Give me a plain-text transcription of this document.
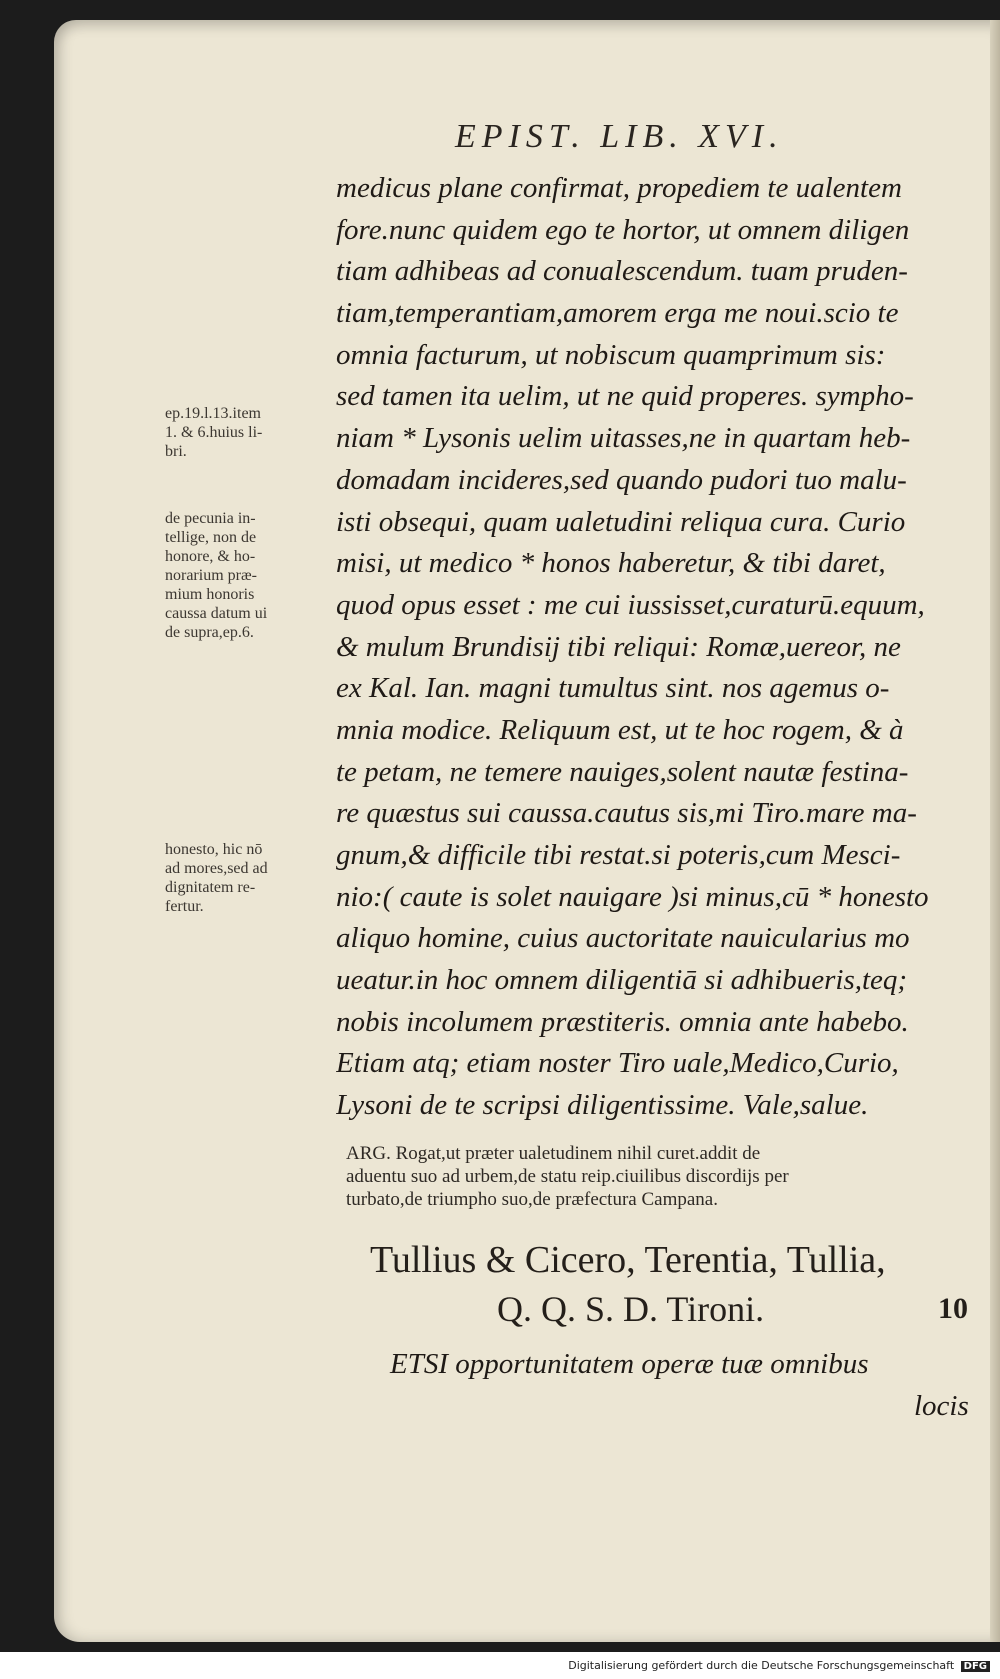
EPIST. LIB. XVI.
medicus plane confirmat, propediem te ualentem
fore.nunc quidem ego te hortor, ut omnem diligen
tiam adhibeas ad conualescendum. tuam pruden-
tiam,temperantiam,amorem erga me noui.scio te
omnia facturum, ut nobiscum quamprimum sis:
sed tamen ita uelim, ut ne quid properes. sympho-
niam * Lysonis uelim uitasses,ne in quartam heb-
domadam incideres,sed quando pudori tuo malu-
isti obsequi, quam ualetudini reliqua cura. Curio
misi, ut medico * honos haberetur, & tibi daret,
quod opus esset : me cui iussisset,curaturū.equum,
& mulum Brundisij tibi reliqui: Romæ,uereor, ne
ex Kal. Ian. magni tumultus sint. nos agemus o-
mnia modice. Reliquum est, ut te hoc rogem, & à
te petam, ne temere nauiges,solent nautæ festina-
re quæstus sui caussa.cautus sis,mi Tiro.mare ma-
gnum,& difficile tibi restat.si poteris,cum Mesci-
nio:( caute is solet nauigare )si minus,cū * honesto
aliquo homine, cuius auctoritate nauicularius mo
ueatur.in hoc omnem diligentiā si adhibueris,teq;
nobis incolumem præstiteris. omnia ante habebo.
Etiam atq; etiam noster Tiro uale,Medico,Curio,
Lysoni de te scripsi diligentissime. Vale,salue.
ep.19.l.13.item
1. & 6.huius li-
bri.
de pecunia in-
tellige, non de
honore, & ho-
norarium præ-
mium honoris
caussa datum ui
de supra,ep.6.
honesto, hic nō
ad mores,sed ad
dignitatem re-
fertur.
ARG. Rogat,ut præter ualetudinem nihil curet.addit de
aduentu suo ad urbem,de statu reip.ciuilibus discordijs per
turbato,de triumpho suo,de præfectura Campana.
Tullius & Cicero, Terentia, Tullia,
Q. Q. S. D. Tironi.	10
ETSI opportunitatem operæ tuæ omnibus
locis
Digitalisierung gefördert durch die Deutsche Forschungsgemeinschaft DFG
